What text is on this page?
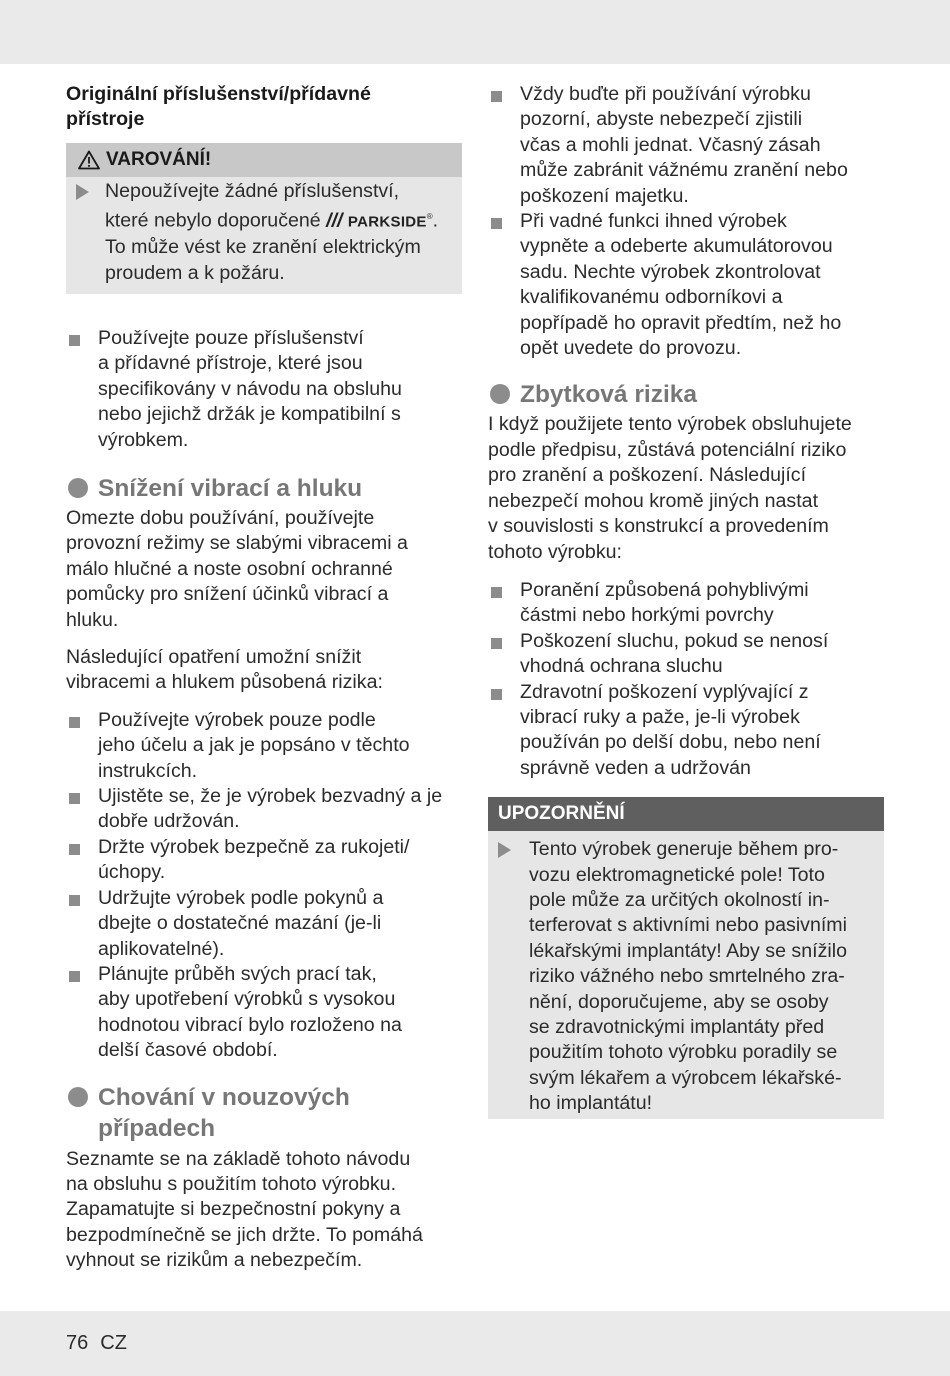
Originální příslušenství/přídavné
přístroje
VAROVÁNÍ!
Nepoužívejte žádné příslušenství,
které nebylo doporučené /// PARKSIDE®.
To může vést ke zranění elektrickým
proudem a k požáru.
Používejte pouze příslušenství
a přídavné přístroje, které jsou
specifikovány v návodu na obsluhu
nebo jejichž držák je kompatibilní s
výrobkem.
Snížení vibrací a hluku

Omezte dobu používání, používejte
provozní režimy se slabými vibracemi a
málo hlučné a noste osobní ochranné
pomůcky pro snížení účinků vibrací a
hluku.

Následující opatření umožní snížit
vibracemi a hlukem působená rizika:

Používejte výrobek pouze podle
jeho účelu a jak je popsáno v těchto
instrukcích.
Ujistěte se, že je výrobek bezvadný a je
dobře udržován.
Držte výrobek bezpečně za rukojeti/
úchopy.
Udržujte výrobek podle pokynů a
dbejte o dostatečné mazání (je-li
aplikovatelné).
Plánujte průběh svých prací tak,
aby upotřebení výrobků s vysokou
hodnotou vibrací bylo rozloženo na
delší časové období.
Chování v nouzových
případech

Seznamte se na základě tohoto návodu
na obsluhu s použitím tohoto výrobku.
Zapamatujte si bezpečnostní pokyny a
bezpodmínečně se jich držte. To pomáhá
vyhnout se rizikům a nebezpečím.

Vždy buďte při používání výrobku
pozorní, abyste nebezpečí zjistili
včas a mohli jednat. Včasný zásah
může zabránit vážnému zranění nebo
poškození majetku.
Při vadné funkci ihned výrobek
vypněte a odeberte akumulátorovou
sadu. Nechte výrobek zkontrolovat
kvalifikovanému odborníkovi a
popřípadě ho opravit předtím, než ho
opět uvedete do provozu.
Zbytková rizika

I když použijete tento výrobek obsluhujete
podle předpisu, zůstává potenciální riziko
pro zranění a poškození. Následující
nebezpečí mohou kromě jiných nastat
v souvislosti s konstrukcí a provedením
tohoto výrobku:

Poranění způsobená pohyblivými
částmi nebo horkými povrchy
Poškození sluchu, pokud se nenosí
vhodná ochrana sluchu
Zdravotní poškození vyplývající z
vibrací ruky a paže, je-li výrobek
používán po delší dobu, nebo není
správně veden a udržován
UPOZORNĚNÍ
Tento výrobek generuje během pro-
vozu elektromagnetické pole! Toto
pole může za určitých okolností in-
terferovat s aktivními nebo pasivními
lékařskými implantáty! Aby se snížilo
riziko vážného nebo smrtelného zra-
nění, doporučujeme, aby se osoby
se zdravotnickými implantáty před
použitím tohoto výrobku poradily se
svým lékařem a výrobcem lékařské-
ho implantátu!
76 CZ
